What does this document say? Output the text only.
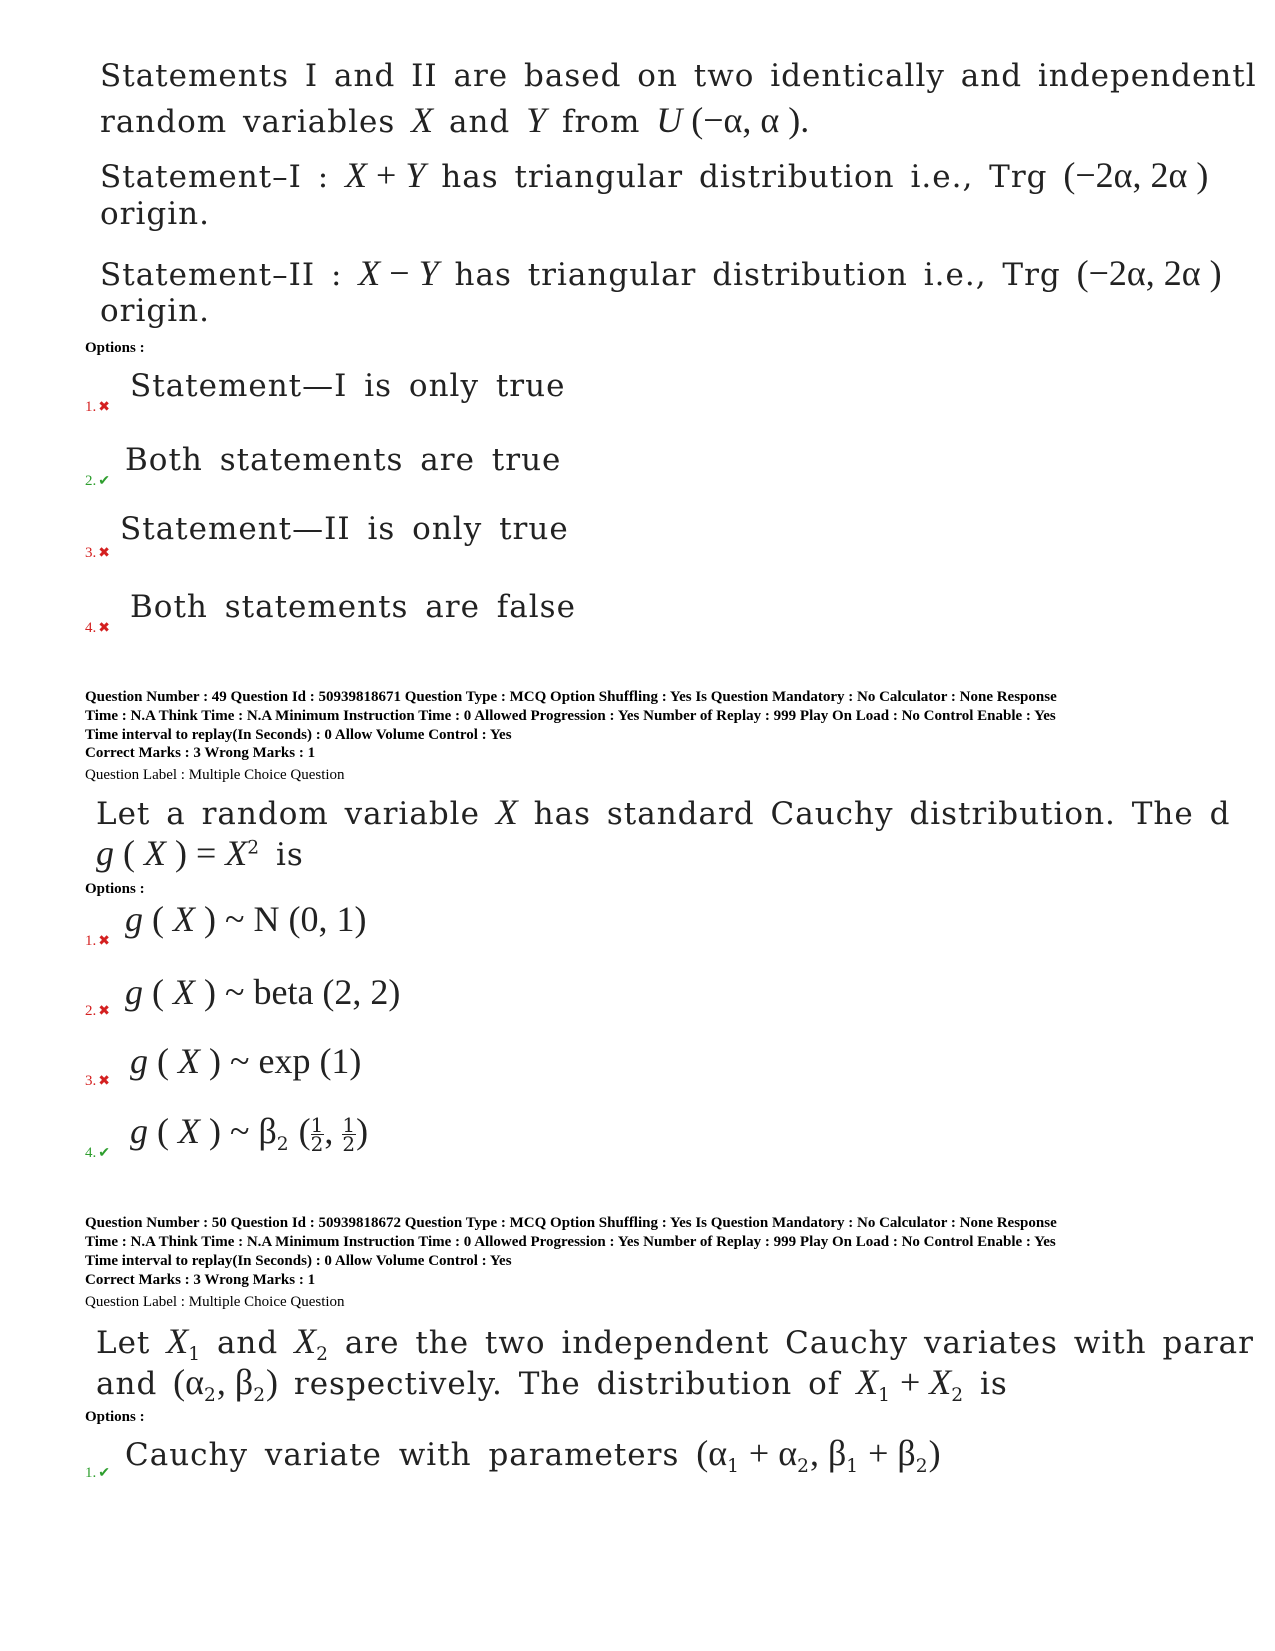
Statements I and II are based on two identically and independentl
random variables X and Y from U (−α, α ).
Statement–I : X + Y has triangular distribution i.e., Trg (−2α, 2α )
origin.
Statement–II : X − Y has triangular distribution i.e., Trg (−2α, 2α )
origin.
Options :
Statement—I is only true
1. ✖
Both statements are true
2. ✔
Statement—II is only true
3. ✖
Both statements are false
4. ✖
Question Number : 49 Question Id : 50939818671 Question Type : MCQ Option Shuffling : Yes Is Question Mandatory : No Calculator : None Response
Time : N.A Think Time : N.A Minimum Instruction Time : 0 Allowed Progression : Yes Number of Replay : 999 Play On Load : No Control Enable : Yes
Time interval to replay(In Seconds) : 0 Allow Volume Control : Yes
Correct Marks : 3 Wrong Marks : 1
Question Label : Multiple Choice Question
Let a random variable X has standard Cauchy distribution. The d
g ( X ) = $X^2$ is
Options :
g ( X ) ~ N (0, 1)
1. ✖
g ( X ) ~ beta (2, 2)
2. ✖
g ( X ) ~ exp (1)
3. ✖
g ( X ) ~ $\beta_2$ ( $\frac{1}{2}$ , $\frac{1}{2}$ )
4. ✔
Question Number : 50 Question Id : 50939818672 Question Type : MCQ Option Shuffling : Yes Is Question Mandatory : No Calculator : None Response
Time : N.A Think Time : N.A Minimum Instruction Time : 0 Allowed Progression : Yes Number of Replay : 999 Play On Load : No Control Enable : Yes
Time interval to replay(In Seconds) : 0 Allow Volume Control : Yes
Correct Marks : 3 Wrong Marks : 1
Question Label : Multiple Choice Question
Let $X_1$ and $X_2$ are the two independent Cauchy variates with parar
and ($\alpha_2$, $\beta_2$) respectively. The distribution of $X_1 + X_2$ is
Options :
Cauchy variate with parameters ($\alpha_1 + \alpha_2$, $\beta_1 + \beta_2$)
1. ✔
